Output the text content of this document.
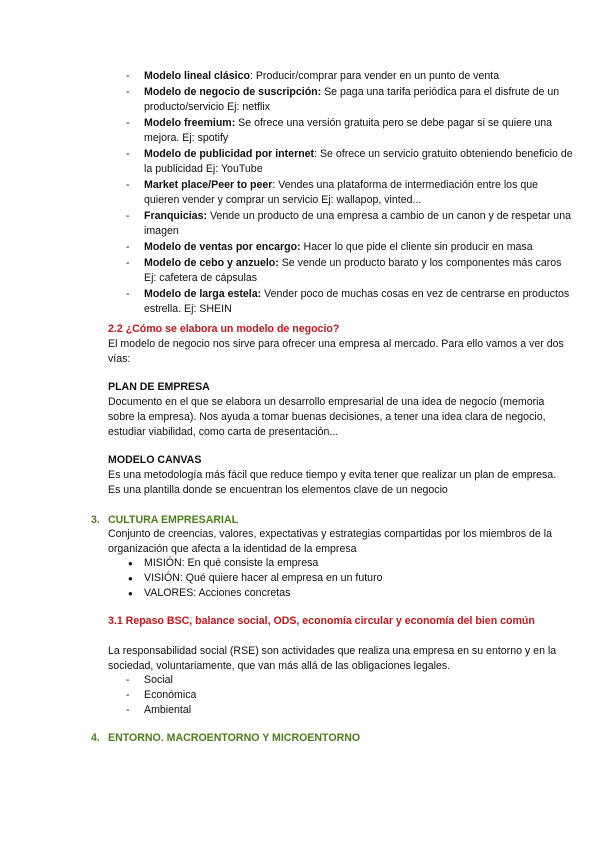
- Modelo lineal clásico: Producir/comprar para vender en un punto de venta
- Modelo de negocio de suscripción: Se paga una tarifa periódica para el disfrute de un producto/servicio Ej: netflix
- Modelo freemium: Se ofrece una versión gratuita pero se debe pagar si se quiere una mejora. Ej: spotify
- Modelo de publicidad por internet: Se ofrece un servicio gratuito obteniendo beneficio de la publicidad Ej: YouTube
- Market place/Peer to peer: Vendes una plataforma de intermediación entre los que quieren vender y comprar un servicio Ej: wallapop, vinted...
- Franquicias: Vende un producto de una empresa a cambio de un canon y de respetar una imagen
- Modelo de ventas por encargo: Hacer lo que pide el cliente sin producir en masa
- Modelo de cebo y anzuelo: Se vende un producto barato y los componentes más caros Ej: cafetera de cápsulas
- Modelo de larga estela: Vender poco de muchas cosas en vez de centrarse en productos estrella. Ej: SHEIN

2.2 ¿Cómo se elabora un modelo de negocio?

El modelo de negocio nos sirve para ofrecer una empresa al mercado. Para ello vamos a ver dos vías:

PLAN DE EMPRESA

Documento en el que se elabora un desarrollo empresarial de una idea de negocio (memoria sobre la empresa). Nos ayuda a tomar buenas decisiones, a tener una idea clara de negocio, estudiar viabilidad, como carta de presentación...

MODELO CANVAS

Es una metodología más fácil que reduce tiempo y evita tener que realizar un plan de empresa. Es una plantilla donde se encuentran los elementos clave de un negocio

3. CULTURA EMPRESARIAL
Conjunto de creencias, valores, expectativas y estrategias compartidas por los miembros de la organización que afecta a la identidad de la empresa
● MISIÓN: En qué consiste la empresa
● VISIÓN: Qué quiere hacer al empresa en un futuro
● VALORES: Acciones concretas
3.1 Repaso BSC, balance social, ODS, economía circular y economía del bien común
La responsabilidad social (RSE) son actividades que realiza una empresa en su entorno y en la sociedad, voluntariamente, que van más allá de las obligaciones legales.
- Social
- Económica
- Ambiental
4. ENTORNO. MACROENTORNO Y MICROENTORNO
